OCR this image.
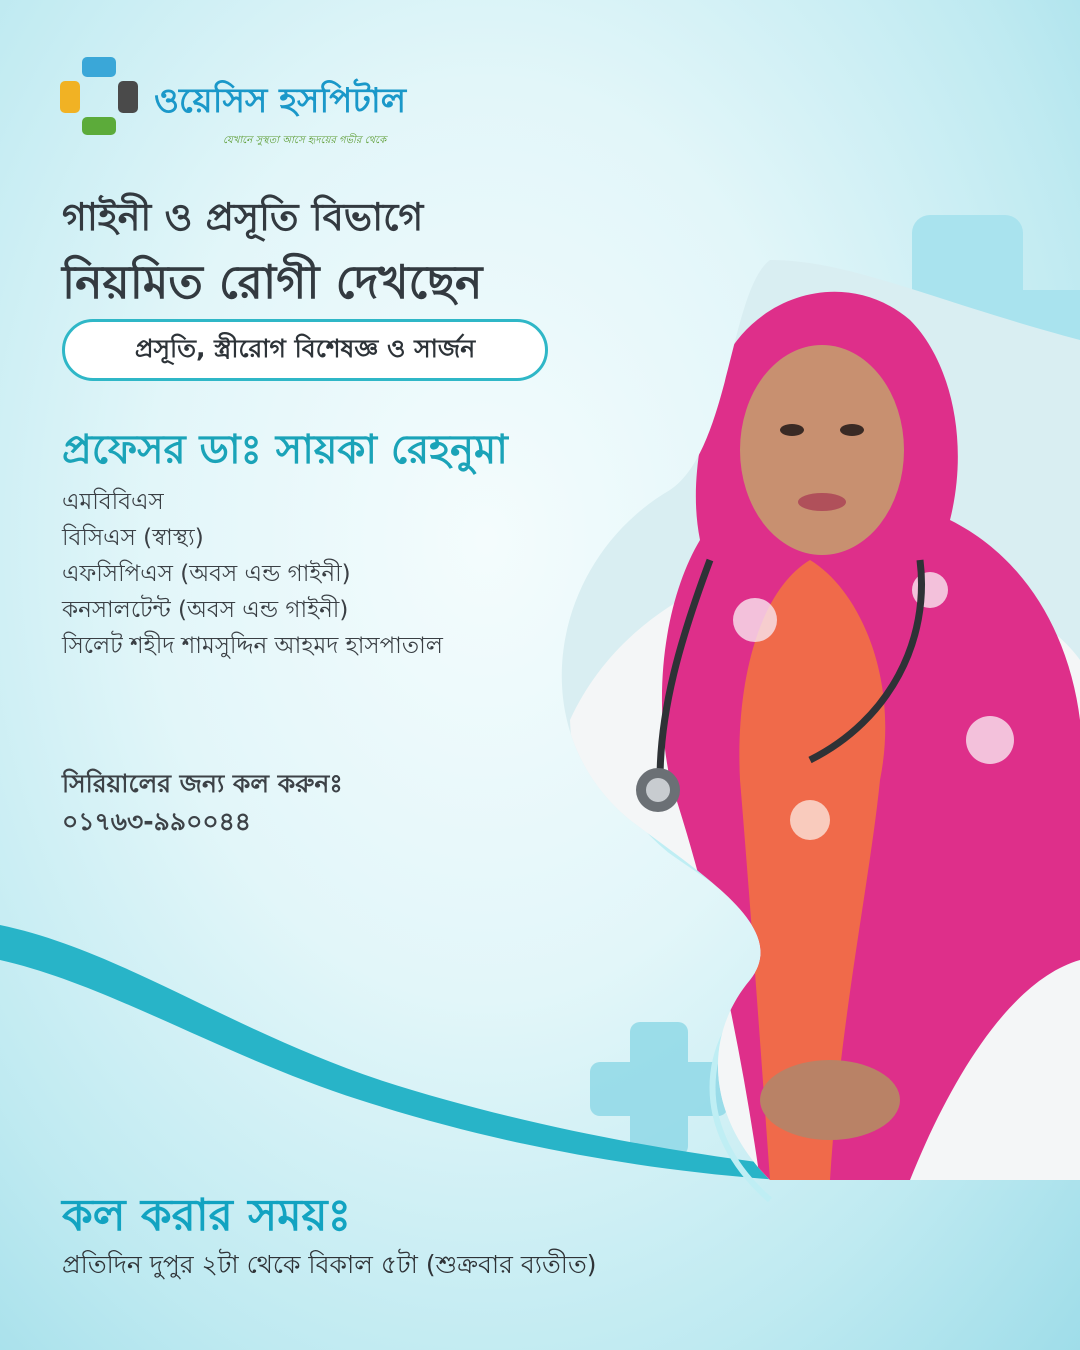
ওয়েসিস হসপিটাল
যেখানে সুস্থতা আসে হৃদয়ের গভীর থেকে
গাইনী ও প্রসূতি বিভাগে
নিয়মিত রোগী দেখছেন
প্রসূতি, স্ত্রীরোগ বিশেষজ্ঞ ও সার্জন
প্রফেসর ডাঃ সায়কা রেহনুমা
এমবিবিএস
বিসিএস (স্বাস্থ্য)
এফসিপিএস (অবস এন্ড গাইনী)
কনসালটেন্ট (অবস এন্ড গাইনী)
সিলেট শহীদ শামসুদ্দিন আহমদ হাসপাতাল
সিরিয়ালের জন্য কল করুনঃ
০১৭৬৩-৯৯০০৪৪
কল করার সময়ঃ
প্রতিদিন দুপুর ২টা থেকে বিকাল ৫টা (শুক্রবার ব্যতীত)
